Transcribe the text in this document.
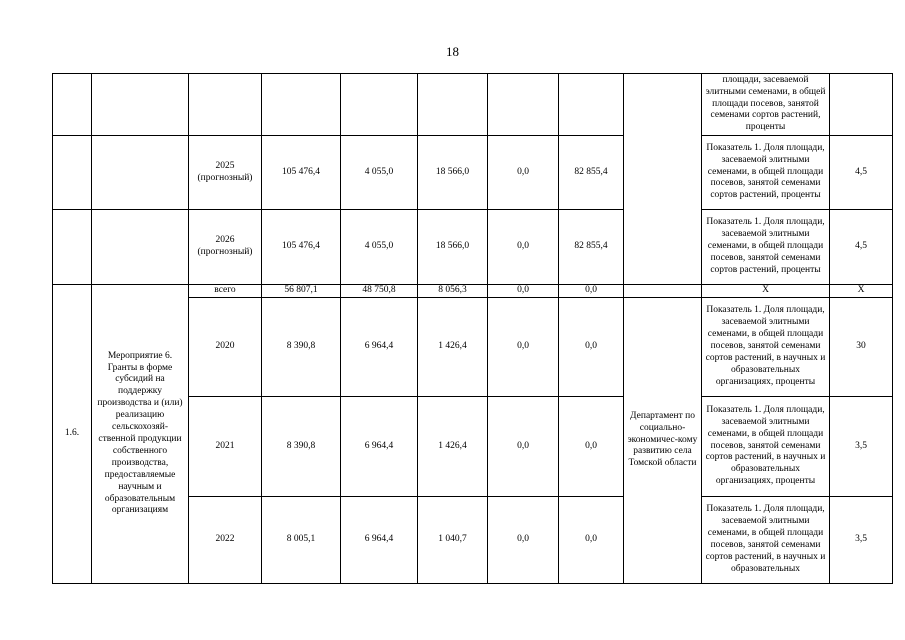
18
									площади, засеваемой элитными семенами, в общей площади посевов, занятой семенами сортов растений, проценты	
		2025 (прогнозный)	105 476,4	4 055,0	18 566,0	0,0	82 855,4		Показатель 1. Доля площади, засеваемой элитными семенами, в общей площади посевов, занятой семенами сортов растений, проценты	4,5
		2026 (прогнозный)	105 476,4	4 055,0	18 566,0	0,0	82 855,4		Показатель 1. Доля площади, засеваемой элитными семенами, в общей площади посевов, занятой семенами сортов растений, проценты	4,5
1.6.	Мероприятие 6. Гранты в форме субсидий на поддержку производства и (или) реализацию сельскохозяй-ственной продукции собственного производства, предоставляемые научным и образовательным организациям	всего	56 807,1	48 750,8	8 056,3	0,0	0,0		Х	Х
		2020	8 390,8	6 964,4	1 426,4	0,0	0,0	Департамент по социально-экономичес-кому развитию села Томской области	Показатель 1. Доля площади, засеваемой элитными семенами, в общей площади посевов, занятой семенами сортов растений, в научных и образовательных организациях, проценты	30
		2021	8 390,8	6 964,4	1 426,4	0,0	0,0		Показатель 1. Доля площади, засеваемой элитными семенами, в общей площади посевов, занятой семенами сортов растений, в научных и образовательных организациях, проценты	3,5
		2022	8 005,1	6 964,4	1 040,7	0,0	0,0		Показатель 1. Доля площади, засеваемой элитными семенами, в общей площади посевов, занятой семенами сортов растений, в научных и образовательных	3,5
